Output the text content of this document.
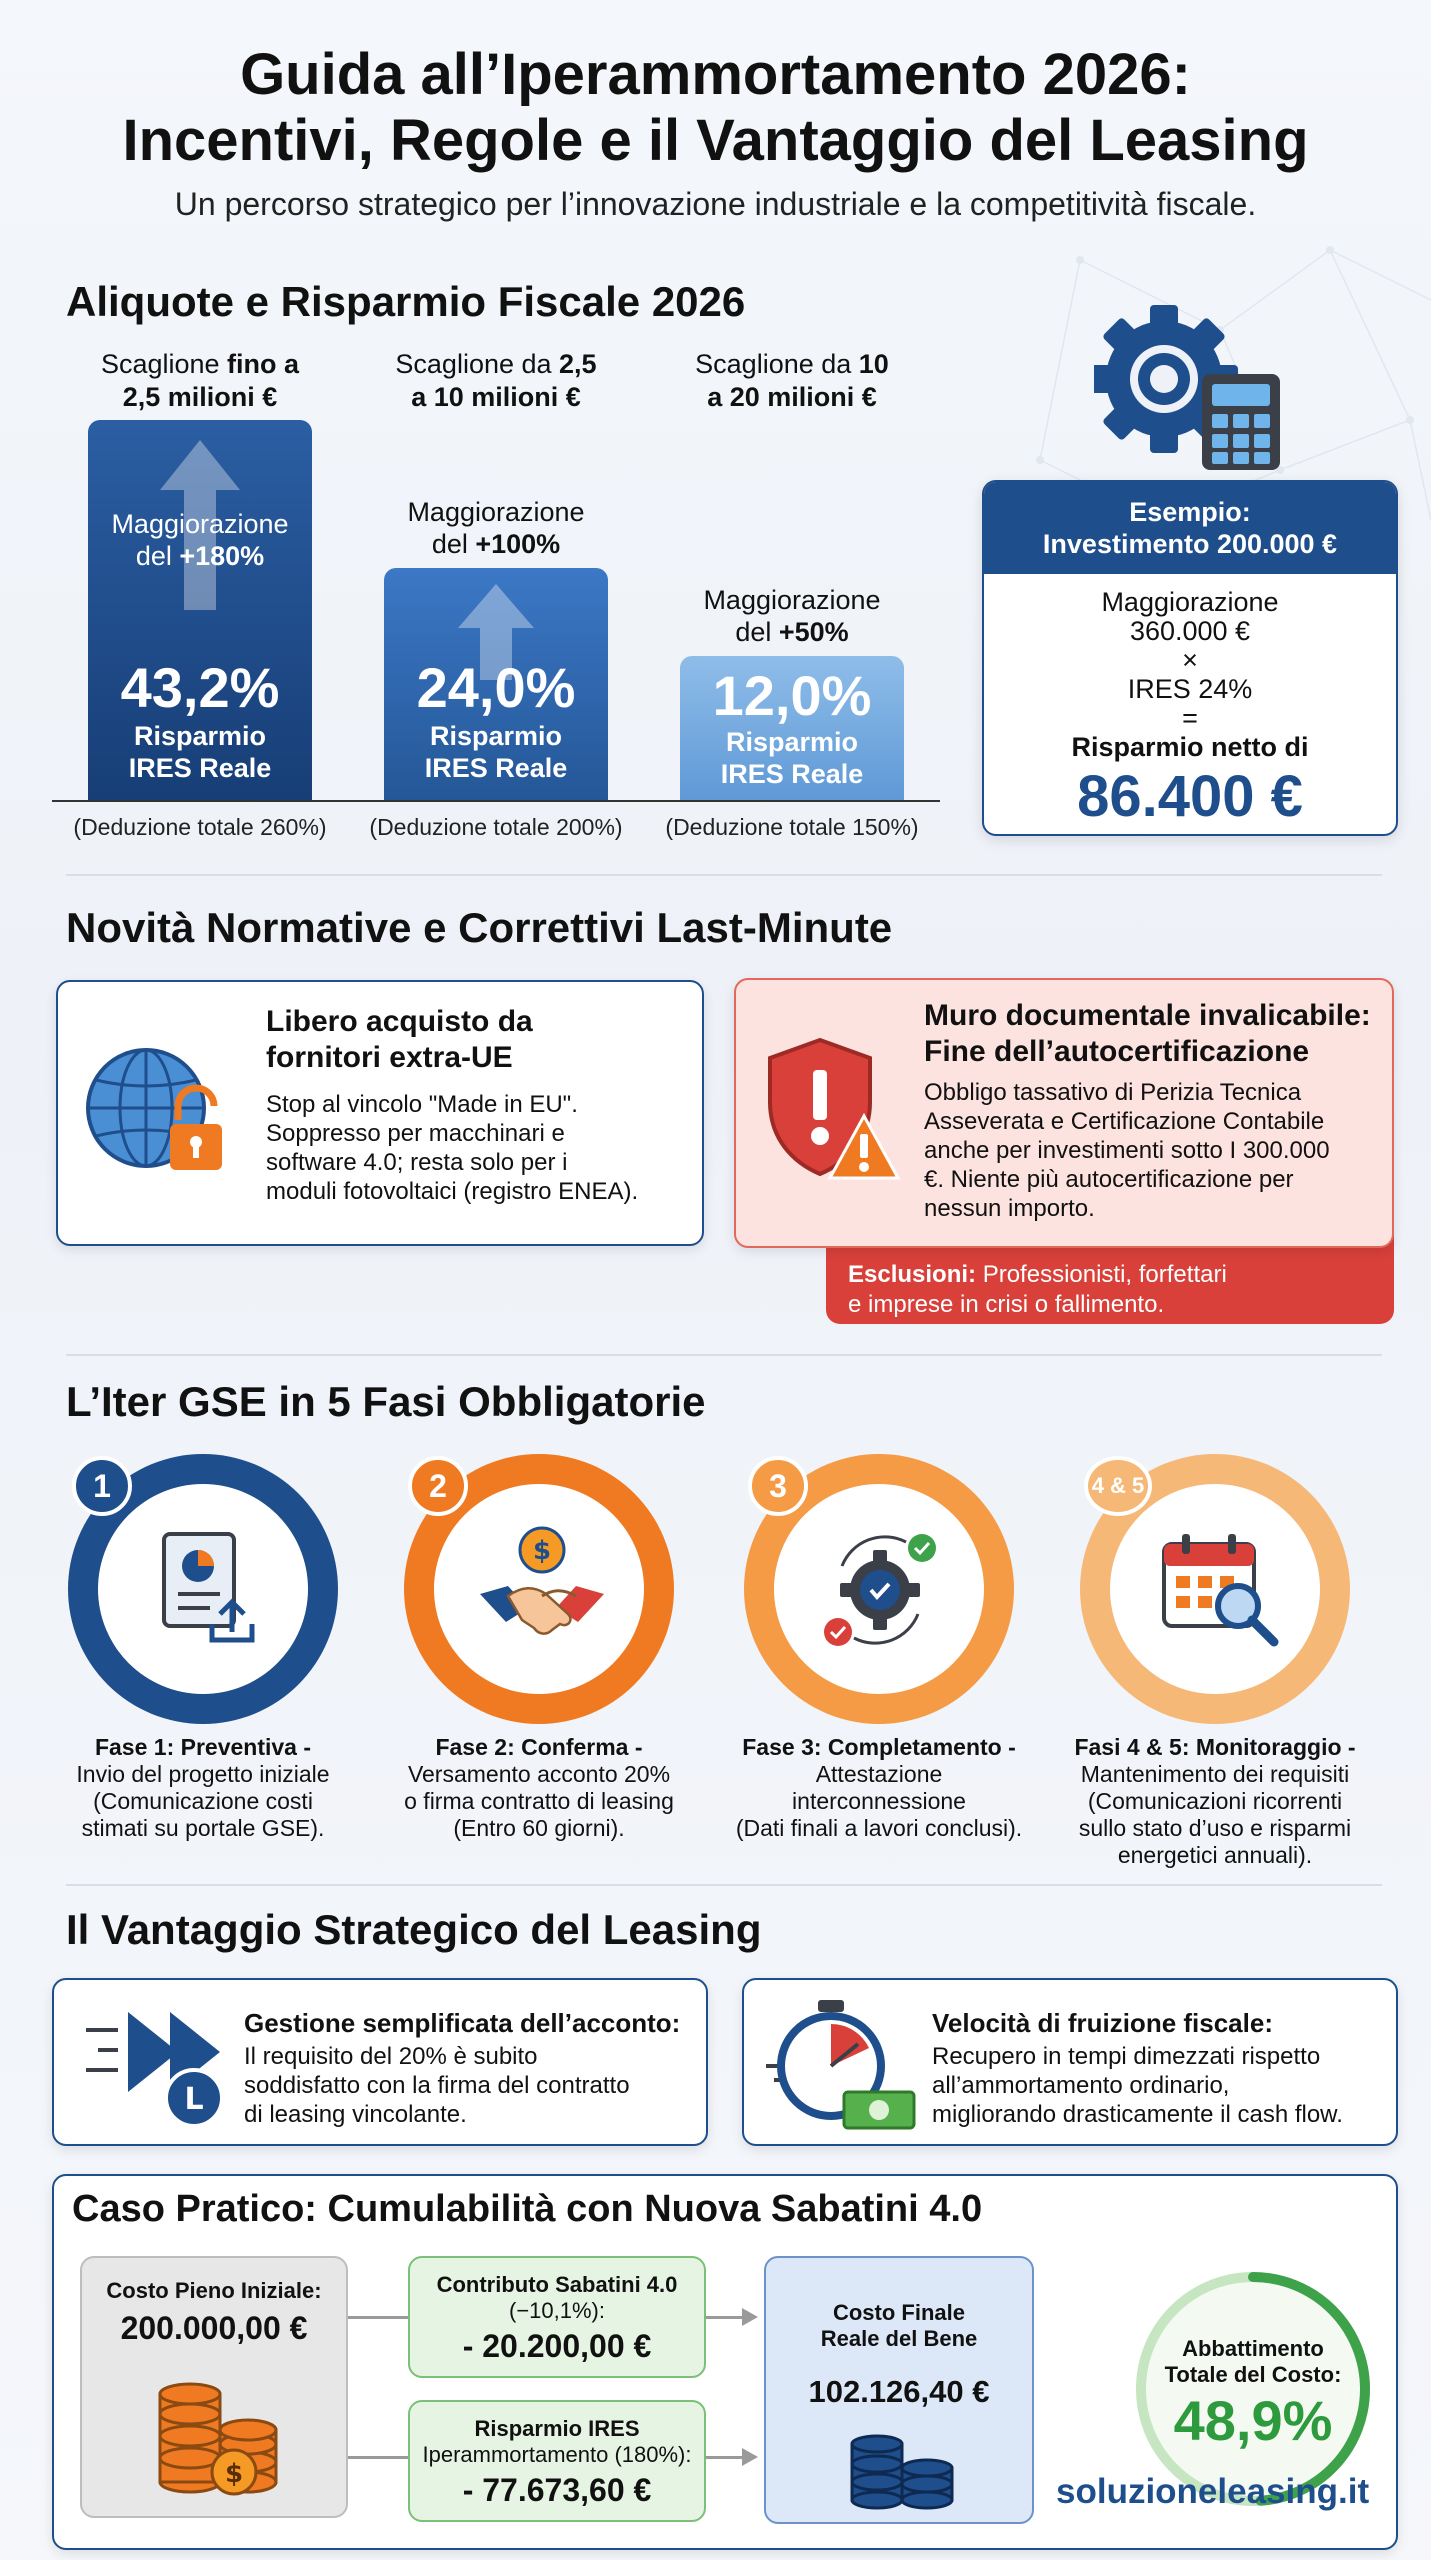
Guida all’Iperammortamento 2026:
Incentivi, Regole e il Vantaggio del Leasing
Un percorso strategico per l’innovazione industriale e la competitività fiscale.
Aliquote e Risparmio Fiscale 2026
Scaglione fino a
2,5 milioni €
Scaglione da 2,5
a 10 milioni €
Scaglione da 10
a 20 milioni €
Maggiorazione
del +180%
43,2%
Risparmio
IRES Reale
Maggiorazione
del +100%
24,0%
Risparmio
IRES Reale
Maggiorazione
del +50%
12,0%
Risparmio
IRES Reale
(Deduzione totale 260%)	(Deduzione totale 200%)	(Deduzione totale 150%)
Esempio:
Investimento 200.000 €
Maggiorazione
360.000 €
×
IRES 24%
=
Risparmio netto di
86.400 €
Novità Normative e Correttivi Last-Minute
Libero acquisto da
fornitori extra-UE
Stop al vincolo "Made in EU".
Soppresso per macchinari e
software 4.0; resta solo per i
moduli fotovoltaici (registro ENEA).
Esclusioni: Professionisti, forfettari
e imprese in crisi o fallimento.
Muro documentale invalicabile:
Fine dell’autocertificazione
Obbligo tassativo di Perizia Tecnica
Asseverata e Certificazione Contabile
anche per investimenti sotto I 300.000
€. Niente più autocertificazione per
nessun importo.
L’Iter GSE in 5 Fasi Obbligatorie
1
Fase 1: Preventiva -
Invio del progetto iniziale
(Comunicazione costi
stimati su portale GSE).
$
2
Fase 2: Conferma -
Versamento acconto 20%
o firma contratto di leasing
(Entro 60 giorni).
3
Fase 3: Completamento -
Attestazione
interconnessione
(Dati finali a lavori conclusi).
4 & 5
Fasi 4 & 5: Monitoraggio -
Mantenimento dei requisiti
(Comunicazioni ricorrenti
sullo stato d’uso e risparmi
energetici annuali).
Il Vantaggio Strategico del Leasing
L
Gestione semplificata dell’acconto:
Il requisito del 20% è subito
soddisfatto con la firma del contratto
di leasing vincolante.
Velocità di fruizione fiscale:
Recupero in tempi dimezzati rispetto
all’ammortamento ordinario,
migliorando drasticamente il cash flow.
Caso Pratico: Cumulabilità con Nuova Sabatini 4.0
Costo Pieno Iniziale:
200.000,00 €
$
Contributo Sabatini 4.0
(−10,1%):
- 20.200,00 €
Risparmio IRES
Iperammortamento (180%):
- 77.673,60 €
Costo Finale
Reale del Bene
102.126,40 €
Abbattimento
Totale del Costo:
48,9%
soluzioneleasing.it
